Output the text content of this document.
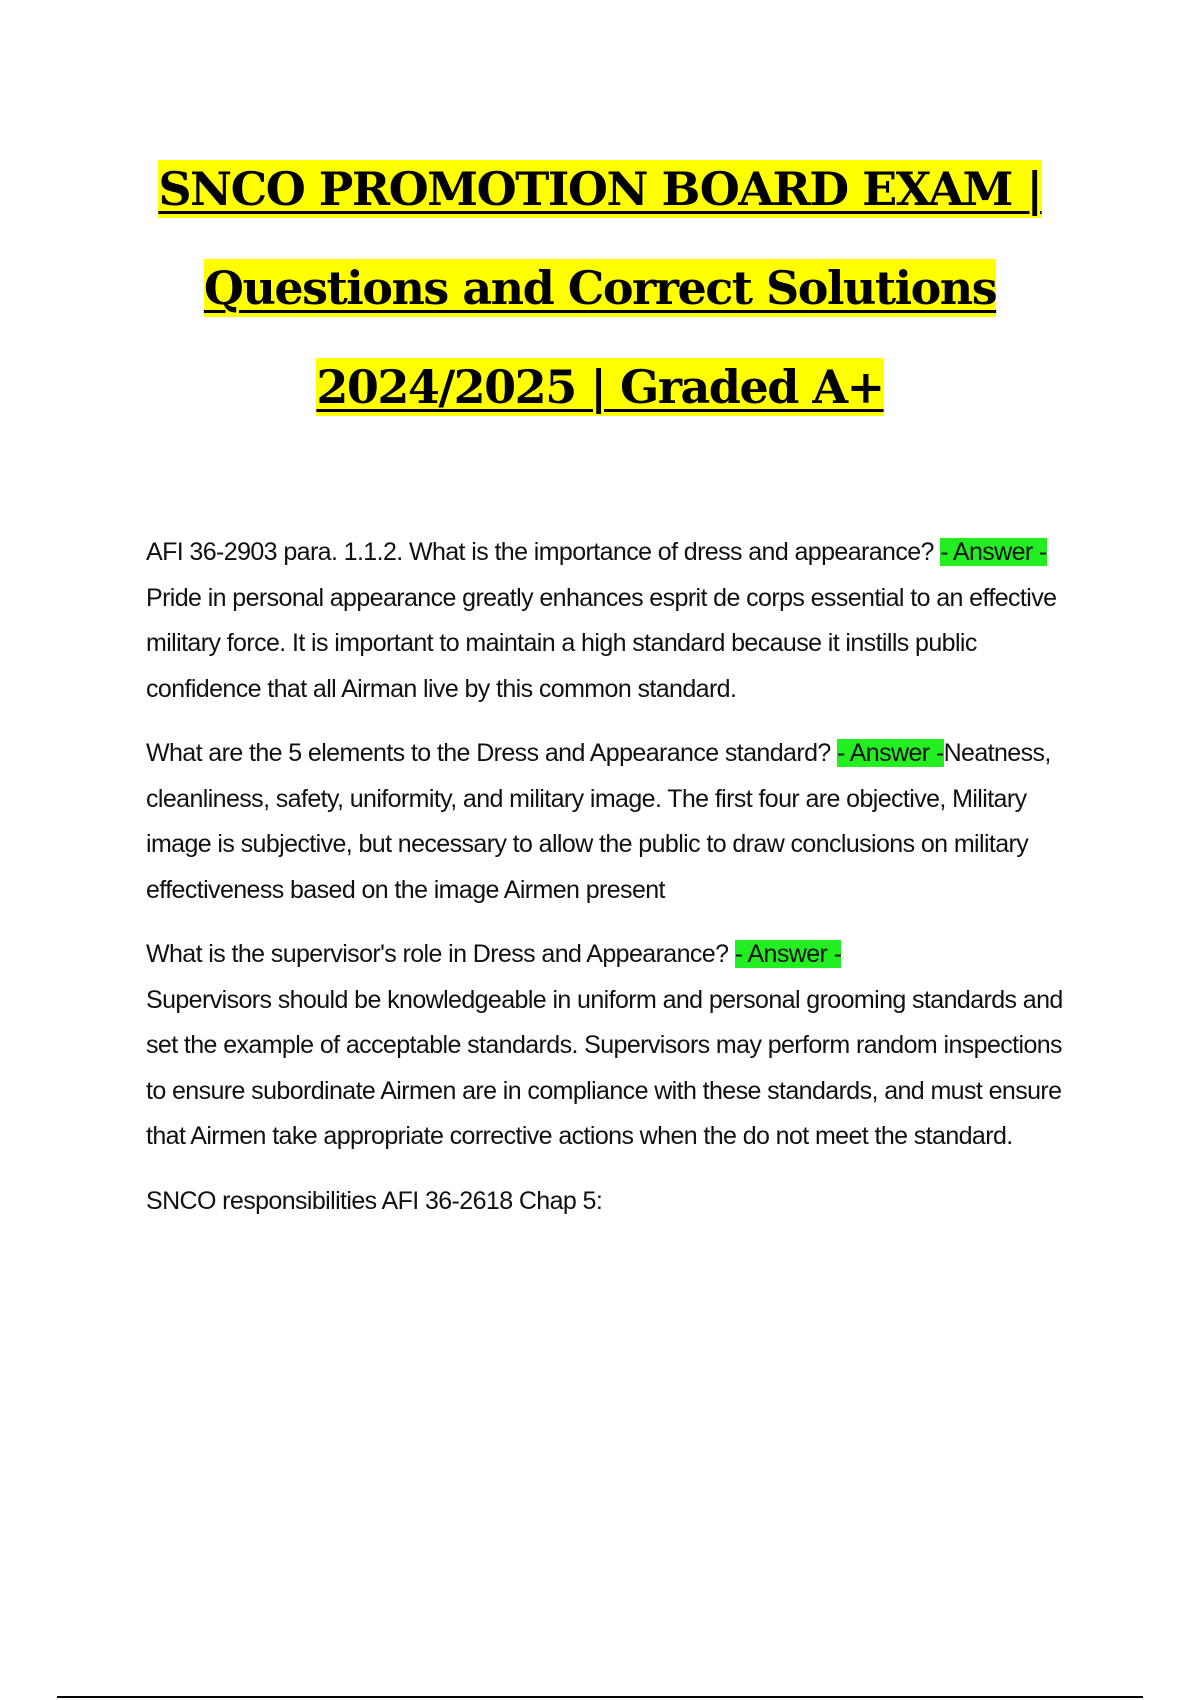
SNCO PROMOTION BOARD EXAM |
Questions and Correct Solutions
2024/2025 | Graded A+

AFI 36-2903 para. 1.1.2. What is the importance of dress and appearance? - Answer -Pride in personal appearance greatly enhances esprit de corps essential to an effective military force. It is important to maintain a high standard because it instills public confidence that all Airman live by this common standard.

What are the 5 elements to the Dress and Appearance standard? - Answer -Neatness, cleanliness, safety, uniformity, and military image. The first four are objective, Military image is subjective, but necessary to allow the public to draw conclusions on military effectiveness based on the image Airmen present

What is the supervisor's role in Dress and Appearance? - Answer -
Supervisors should be knowledgeable in uniform and personal grooming standards and set the example of acceptable standards. Supervisors may perform random inspections to ensure subordinate Airmen are in compliance with these standards, and must ensure that Airmen take appropriate corrective actions when the do not meet the standard.

SNCO responsibilities AFI 36-2618 Chap 5:
